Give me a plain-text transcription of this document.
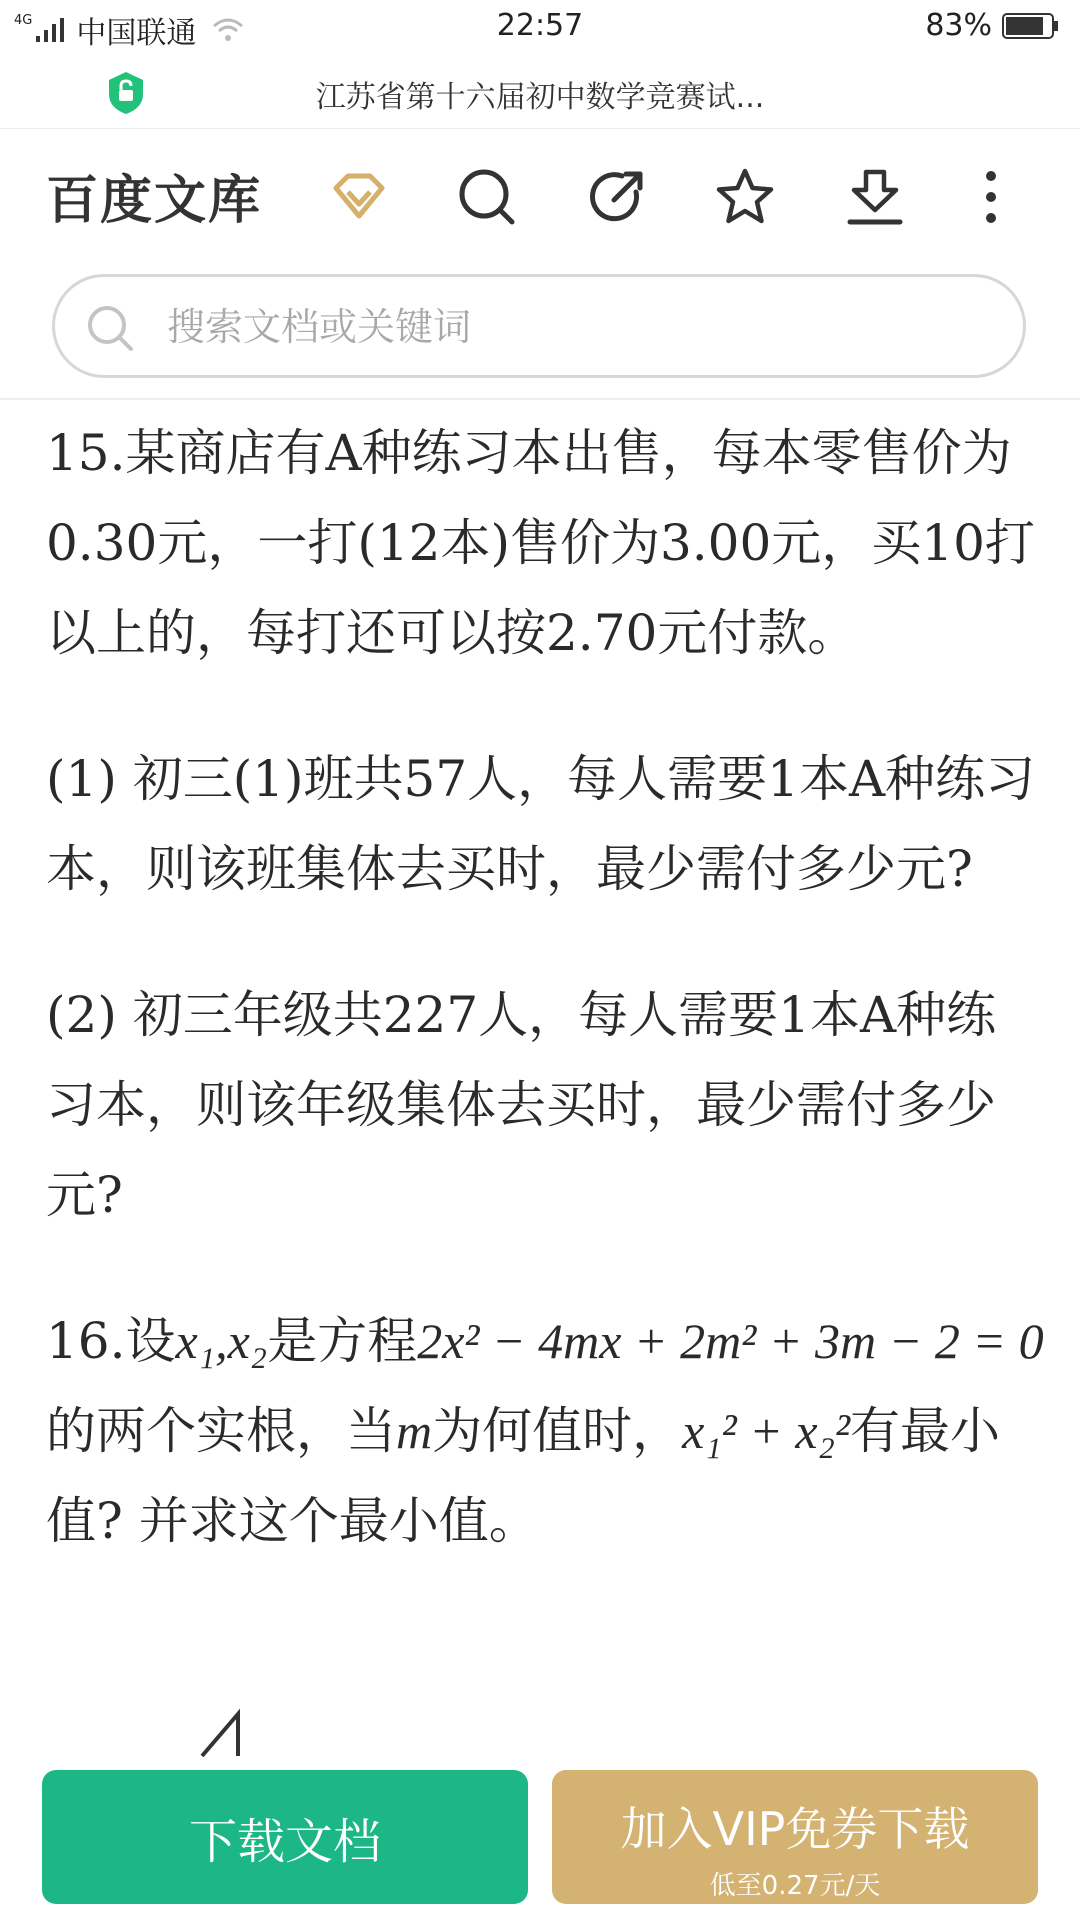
4G 中国联通	22:57	83%
江苏省第十六届初中数学竞赛试...
百度文库
搜索文档或关键词

15.某商店有A种练习本出售，每本零售价为0.30元，一打(12本)售价为3.00元，买10打以上的，每打还可以按2.70元付款。

(1) 初三(1)班共57人，每人需要1本A种练习本，则该班集体去买时，最少需付多少元?

(2) 初三年级共227人，每人需要1本A种练习本，则该年级集体去买时，最少需付多少元?

16.设x₁,x₂是方程2x² − 4mx + 2m² + 3m − 2 = 0的两个实根，当m为何值时，x₁² + x₂²有最小值? 并求这个最小值。

下载文档	加入VIP免券下载
低至0.27元/天
